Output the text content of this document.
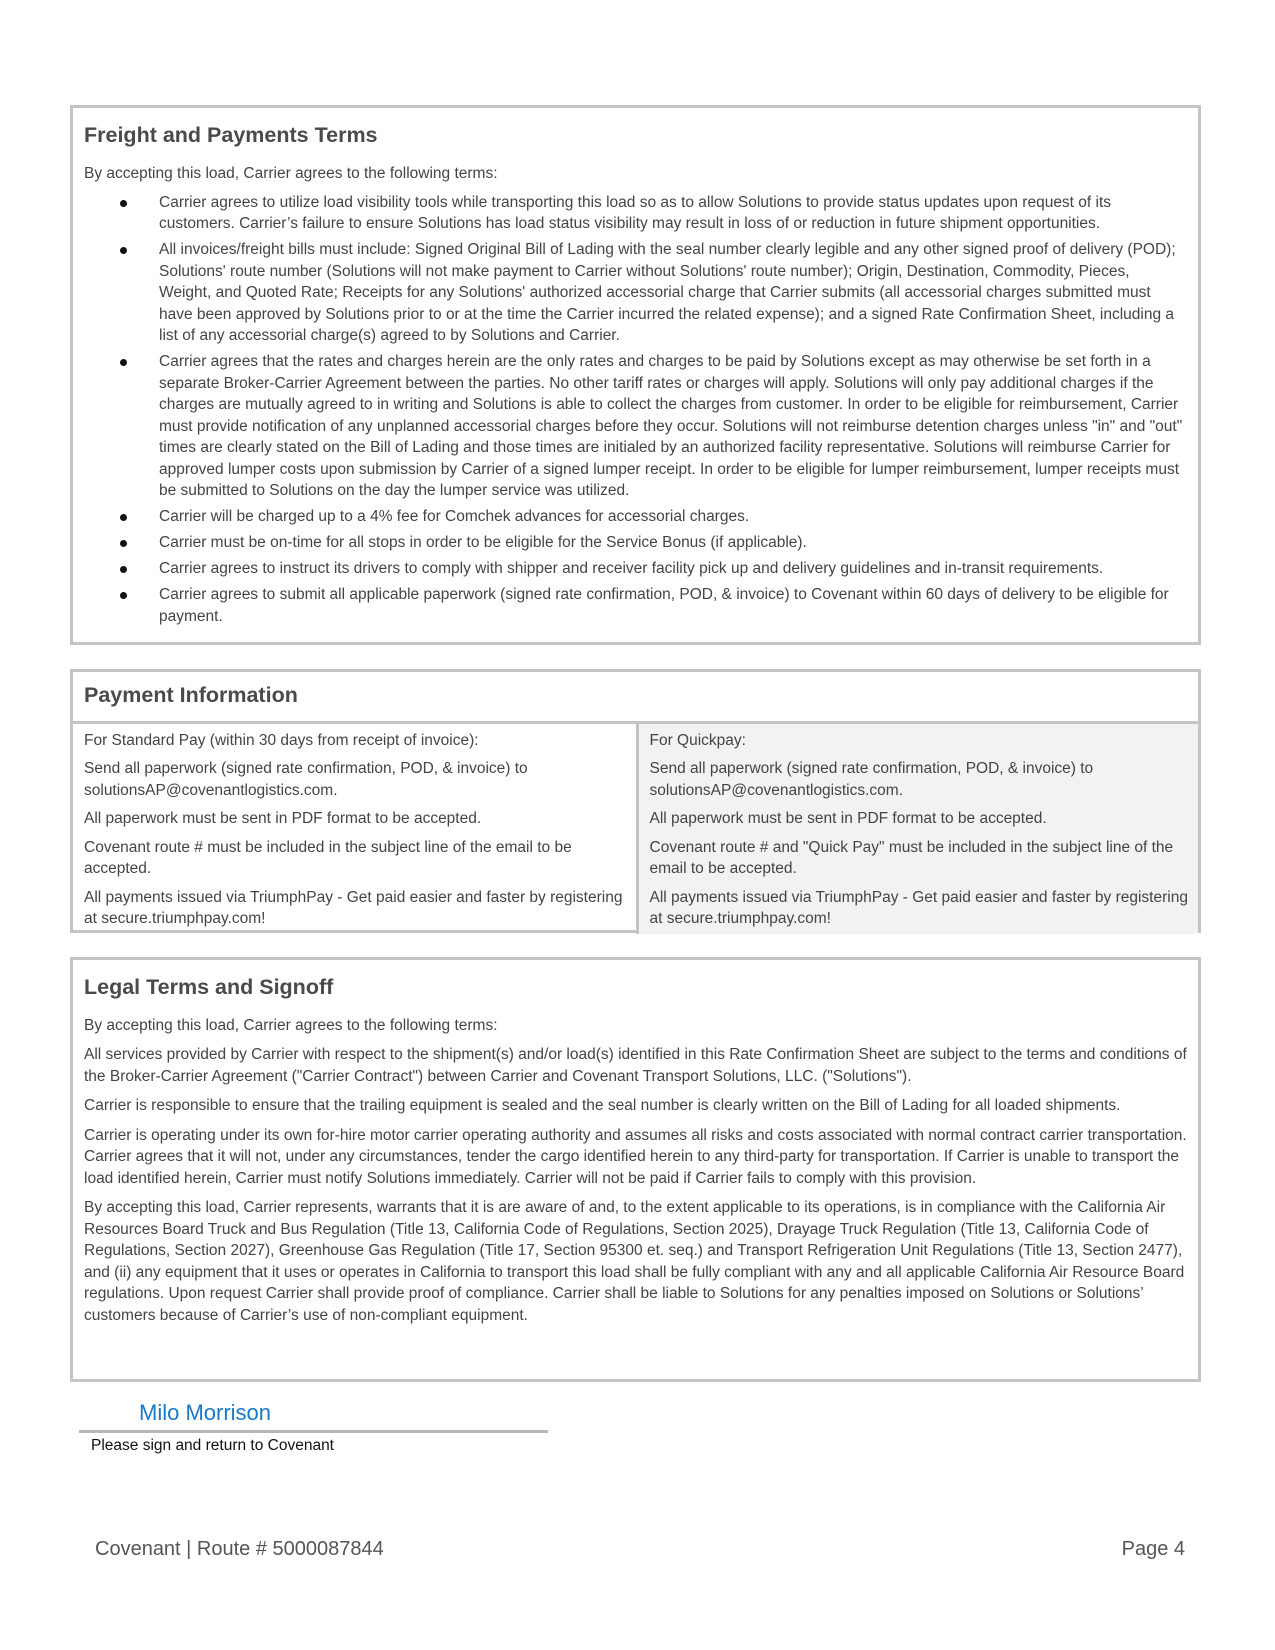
Freight and Payments Terms

By accepting this load, Carrier agrees to the following terms:

Carrier agrees to utilize load visibility tools while transporting this load so as to allow Solutions to provide status updates upon request of its customers. Carrier’s failure to ensure Solutions has load status visibility may result in loss of or reduction in future shipment opportunities.
All invoices/freight bills must include: Signed Original Bill of Lading with the seal number clearly legible and any other signed proof of delivery (POD); Solutions' route number (Solutions will not make payment to Carrier without Solutions' route number); Origin, Destination, Commodity, Pieces, Weight, and Quoted Rate; Receipts for any Solutions' authorized accessorial charge that Carrier submits (all accessorial charges submitted must have been approved by Solutions prior to or at the time the Carrier incurred the related expense); and a signed Rate Confirmation Sheet, including a list of any accessorial charge(s) agreed to by Solutions and Carrier.
Carrier agrees that the rates and charges herein are the only rates and charges to be paid by Solutions except as may otherwise be set forth in a separate Broker-Carrier Agreement between the parties. No other tariff rates or charges will apply. Solutions will only pay additional charges if the charges are mutually agreed to in writing and Solutions is able to collect the charges from customer. In order to be eligible for reimbursement, Carrier must provide notification of any unplanned accessorial charges before they occur. Solutions will not reimburse detention charges unless "in" and "out" times are clearly stated on the Bill of Lading and those times are initialed by an authorized facility representative. Solutions will reimburse Carrier for approved lumper costs upon submission by Carrier of a signed lumper receipt. In order to be eligible for lumper reimbursement, lumper receipts must be submitted to Solutions on the day the lumper service was utilized.
Carrier will be charged up to a 4% fee for Comchek advances for accessorial charges.
Carrier must be on-time for all stops in order to be eligible for the Service Bonus (if applicable).
Carrier agrees to instruct its drivers to comply with shipper and receiver facility pick up and delivery guidelines and in-transit requirements.
Carrier agrees to submit all applicable paperwork (signed rate confirmation, POD, & invoice) to Covenant within 60 days of delivery to be eligible for payment.
Payment Information

For Standard Pay (within 30 days from receipt of invoice):

Send all paperwork (signed rate confirmation, POD, & invoice) to solutionsAP@covenantlogistics.com.

All paperwork must be sent in PDF format to be accepted.

Covenant route # must be included in the subject line of the email to be accepted.

All payments issued via TriumphPay - Get paid easier and faster by registering at secure.triumphpay.com!

For Quickpay:

Send all paperwork (signed rate confirmation, POD, & invoice) to solutionsAP@covenantlogistics.com.

All paperwork must be sent in PDF format to be accepted.

Covenant route # and "Quick Pay" must be included in the subject line of the email to be accepted.

All payments issued via TriumphPay - Get paid easier and faster by registering at secure.triumphpay.com!

Legal Terms and Signoff

By accepting this load, Carrier agrees to the following terms:

All services provided by Carrier with respect to the shipment(s) and/or load(s) identified in this Rate Confirmation Sheet are subject to the terms and conditions of the Broker-Carrier Agreement ("Carrier Contract") between Carrier and Covenant Transport Solutions, LLC. ("Solutions").

Carrier is responsible to ensure that the trailing equipment is sealed and the seal number is clearly written on the Bill of Lading for all loaded shipments.

Carrier is operating under its own for-hire motor carrier operating authority and assumes all risks and costs associated with normal contract carrier transportation. Carrier agrees that it will not, under any circumstances, tender the cargo identified herein to any third-party for transportation. If Carrier is unable to transport the load identified herein, Carrier must notify Solutions immediately. Carrier will not be paid if Carrier fails to comply with this provision.

By accepting this load, Carrier represents, warrants that it is are aware of and, to the extent applicable to its operations, is in compliance with the California Air Resources Board Truck and Bus Regulation (Title 13, California Code of Regulations, Section 2025), Drayage Truck Regulation (Title 13, California Code of Regulations, Section 2027), Greenhouse Gas Regulation (Title 17, Section 95300 et. seq.) and Transport Refrigeration Unit Regulations (Title 13, Section 2477), and (ii) any equipment that it uses or operates in California to transport this load shall be fully compliant with any and all applicable California Air Resource Board regulations. Upon request Carrier shall provide proof of compliance. Carrier shall be liable to Solutions for any penalties imposed on Solutions or Solutions’ customers because of Carrier’s use of non-compliant equipment.

Milo Morrison
Please sign and return to Covenant
Covenant | Route # 5000087844	Page 4
